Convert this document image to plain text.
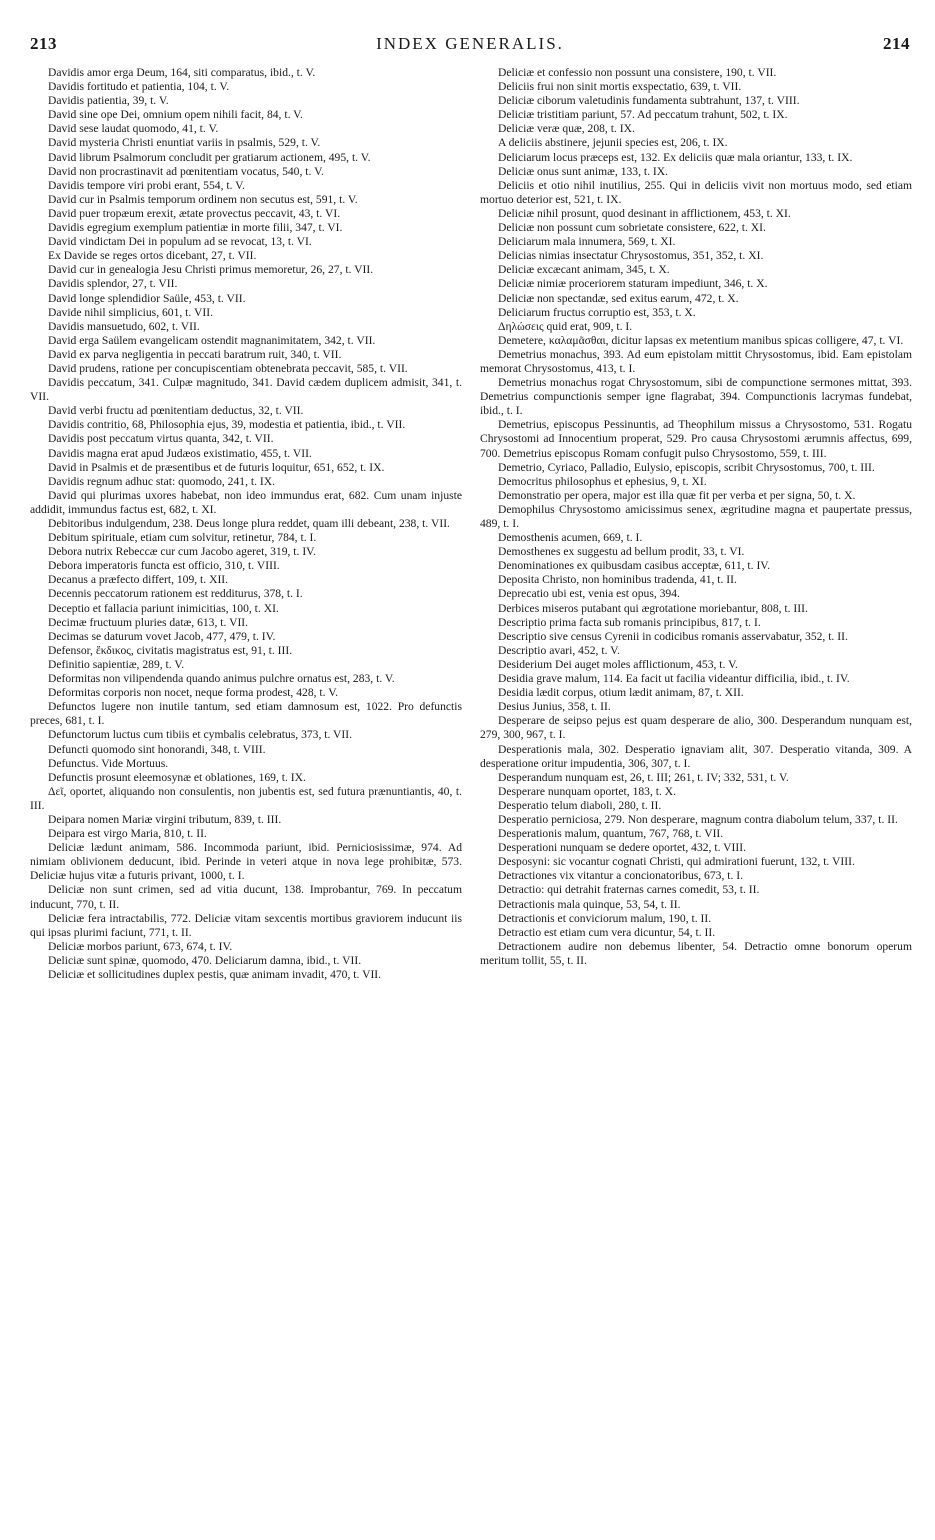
213	INDEX GENERALIS.	214

Davidis amor erga Deum, 164, siti comparatus, ibid., t. V.

Davidis fortitudo et patientia, 104, t. V.

Davidis patientia, 39, t. V.

David sine ope Dei, omnium opem nihili facit, 84, t. V.

David sese laudat quomodo, 41, t. V.

David mysteria Christi enuntiat variis in psalmis, 529, t. V.

David librum Psalmorum concludit per gratiarum actionem, 495, t. V.

David non procrastinavit ad pœnitentiam vocatus, 540, t. V.

Davidis tempore viri probi erant, 554, t. V.

David cur in Psalmis temporum ordinem non secutus est, 591, t. V.

David puer tropæum erexit, ætate provectus peccavit, 43, t. VI.

Davidis egregium exemplum patientiæ in morte filii, 347, t. VI.

David vindictam Dei in populum ad se revocat, 13, t. VI.

Ex Davide se reges ortos dicebant, 27, t. VII.

David cur in genealogia Jesu Christi primus memoretur, 26, 27, t. VII.

Davidis splendor, 27, t. VII.

David longe splendidior Saüle, 453, t. VII.

Davide nihil simplicius, 601, t. VII.

Davidis mansuetudo, 602, t. VII.

David erga Saülem evangelicam ostendit magnanimitatem, 342, t. VII.

David ex parva negligentia in peccati baratrum ruit, 340, t. VII.

David prudens, ratione per concupiscentiam obtenebrata peccavit, 585, t. VII.

Davidis peccatum, 341. Culpæ magnitudo, 341. David cædem duplicem admisit, 341, t. VII.

David verbi fructu ad pœnitentiam deductus, 32, t. VII.

Davidis contritio, 68, Philosophia ejus, 39, modestia et patientia, ibid., t. VII.

Davidis post peccatum virtus quanta, 342, t. VII.

Davidis magna erat apud Judæos existimatio, 455, t. VII.

David in Psalmis et de præsentibus et de futuris loquitur, 651, 652, t. IX.

Davidis regnum adhuc stat: quomodo, 241, t. IX.

David qui plurimas uxores habebat, non ideo immundus erat, 682. Cum unam injuste addidit, immundus factus est, 682, t. XI.

Debitoribus indulgendum, 238. Deus longe plura reddet, quam illi debeant, 238, t. VII.

Debitum spirituale, etiam cum solvitur, retinetur, 784, t. I.

Debora nutrix Rebeccæ cur cum Jacobo ageret, 319, t. IV.

Debora imperatoris functa est officio, 310, t. VIII.

Decanus a præfecto differt, 109, t. XII.

Decennis peccatorum rationem est redditurus, 378, t. I.

Deceptio et fallacia pariunt inimicitias, 100, t. XI.

Decimæ fructuum pluries datæ, 613, t. VII.

Decimas se daturum vovet Jacob, 477, 479, t. IV.

Defensor, ἔκδικος, civitatis magistratus est, 91, t. III.

Definitio sapientiæ, 289, t. V.

Deformitas non vilipendenda quando animus pulchre ornatus est, 283, t. V.

Deformitas corporis non nocet, neque forma prodest, 428, t. V.

Defunctos lugere non inutile tantum, sed etiam damnosum est, 1022. Pro defunctis preces, 681, t. I.

Defunctorum luctus cum tibiis et cymbalis celebratus, 373, t. VII.

Defuncti quomodo sint honorandi, 348, t. VIII.

Defunctus. Vide Mortuus.

Defunctis prosunt eleemosynæ et oblationes, 169, t. IX.

Δεῖ, oportet, aliquando non consulentis, non jubentis est, sed futura prænuntiantis, 40, t. III.

Deipara nomen Mariæ virgini tributum, 839, t. III.

Deipara est virgo Maria, 810, t. II.

Deliciæ lædunt animam, 586. Incommoda pariunt, ibid. Perniciosissimæ, 974. Ad nimiam oblivionem deducunt, ibid. Perinde in veteri atque in nova lege prohibitæ, 573. Deliciæ hujus vitæ a futuris privant, 1000, t. I.

Deliciæ non sunt crimen, sed ad vitia ducunt, 138. Improbantur, 769. In peccatum inducunt, 770, t. II.

Deliciæ fera intractabilis, 772. Deliciæ vitam sexcentis mortibus graviorem inducunt iis qui ipsas plurimi faciunt, 771, t. II.

Deliciæ morbos pariunt, 673, 674, t. IV.

Deliciæ sunt spinæ, quomodo, 470. Deliciarum damna, ibid., t. VII.

Deliciæ et sollicitudines duplex pestis, quæ animam invadit, 470, t. VII.

Deliciæ et confessio non possunt una consistere, 190, t. VII.

Deliciis frui non sinit mortis exspectatio, 639, t. VII.

Deliciæ ciborum valetudinis fundamenta subtrahunt, 137, t. VIII.

Deliciæ tristitiam pariunt, 57. Ad peccatum trahunt, 502, t. IX.

Deliciæ veræ quæ, 208, t. IX.

A deliciis abstinere, jejunii species est, 206, t. IX.

Deliciarum locus præceps est, 132. Ex deliciis quæ mala oriantur, 133, t. IX.

Deliciæ onus sunt animæ, 133, t. IX.

Deliciis et otio nihil inutilius, 255. Qui in deliciis vivit non mortuus modo, sed etiam mortuo deterior est, 521, t. IX.

Deliciæ nihil prosunt, quod desinant in afflictionem, 453, t. XI.

Deliciæ non possunt cum sobrietate consistere, 622, t. XI.

Deliciarum mala innumera, 569, t. XI.

Delicias nimias insectatur Chrysostomus, 351, 352, t. XI.

Deliciæ excæcant animam, 345, t. X.

Deliciæ nimiæ proceriorem staturam impediunt, 346, t. X.

Deliciæ non spectandæ, sed exitus earum, 472, t. X.

Deliciarum fructus corruptio est, 353, t. X.

Δηλώσεις quid erat, 909, t. I.

Demetere, καλαμᾶσθαι, dicitur lapsas ex metentium manibus spicas colligere, 47, t. VI.

Demetrius monachus, 393. Ad eum epistolam mittit Chrysostomus, ibid. Eam epistolam memorat Chrysostomus, 413, t. I.

Demetrius monachus rogat Chrysostomum, sibi de compunctione sermones mittat, 393. Demetrius compunctionis semper igne flagrabat, 394. Compunctionis lacrymas fundebat, ibid., t. I.

Demetrius, episcopus Pessinuntis, ad Theophilum missus a Chrysostomo, 531. Rogatu Chrysostomi ad Innocentium properat, 529. Pro causa Chrysostomi ærumnis affectus, 699, 700. Demetrius episcopus Romam confugit pulso Chrysostomo, 559, t. III.

Demetrio, Cyriaco, Palladio, Eulysio, episcopis, scribit Chrysostomus, 700, t. III.

Democritus philosophus et ephesius, 9, t. XI.

Demonstratio per opera, major est illa quæ fit per verba et per signa, 50, t. X.

Demophilus Chrysostomo amicissimus senex, ægritudine magna et paupertate pressus, 489, t. I.

Demosthenis acumen, 669, t. I.

Demosthenes ex suggestu ad bellum prodit, 33, t. VI.

Denominationes ex quibusdam casibus acceptæ, 611, t. IV.

Deposita Christo, non hominibus tradenda, 41, t. II.

Deprecatio ubi est, venia est opus, 394.

Derbices miseros putabant qui ægrotatione moriebantur, 808, t. III.

Descriptio prima facta sub romanis principibus, 817, t. I.

Descriptio sive census Cyrenii in codicibus romanis asservabatur, 352, t. II.

Descriptio avari, 452, t. V.

Desiderium Dei auget moles afflictionum, 453, t. V.

Desidia grave malum, 114. Ea facit ut facilia videantur difficilia, ibid., t. IV.

Desidia lædit corpus, otium lædit animam, 87, t. XII.

Desius Junius, 358, t. II.

Desperare de seipso pejus est quam desperare de alio, 300. Desperandum nunquam est, 279, 300, 967, t. I.

Desperationis mala, 302. Desperatio ignaviam alit, 307. Desperatio vitanda, 309. A desperatione oritur impudentia, 306, 307, t. I.

Desperandum nunquam est, 26, t. III; 261, t. IV; 332, 531, t. V.

Desperare nunquam oportet, 183, t. X.

Desperatio telum diaboli, 280, t. II.

Desperatio perniciosa, 279. Non desperare, magnum contra diabolum telum, 337, t. II.

Desperationis malum, quantum, 767, 768, t. VII.

Desperationi nunquam se dedere oportet, 432, t. VIII.

Desposyni: sic vocantur cognati Christi, qui admirationi fuerunt, 132, t. VIII.

Detractiones vix vitantur a concionatoribus, 673, t. I.

Detractio: qui detrahit fraternas carnes comedit, 53, t. II.

Detractionis mala quinque, 53, 54, t. II.

Detractionis et conviciorum malum, 190, t. II.

Detractio est etiam cum vera dicuntur, 54, t. II.

Detractionem audire non debemus libenter, 54. Detractio omne bonorum operum meritum tollit, 55, t. II.
